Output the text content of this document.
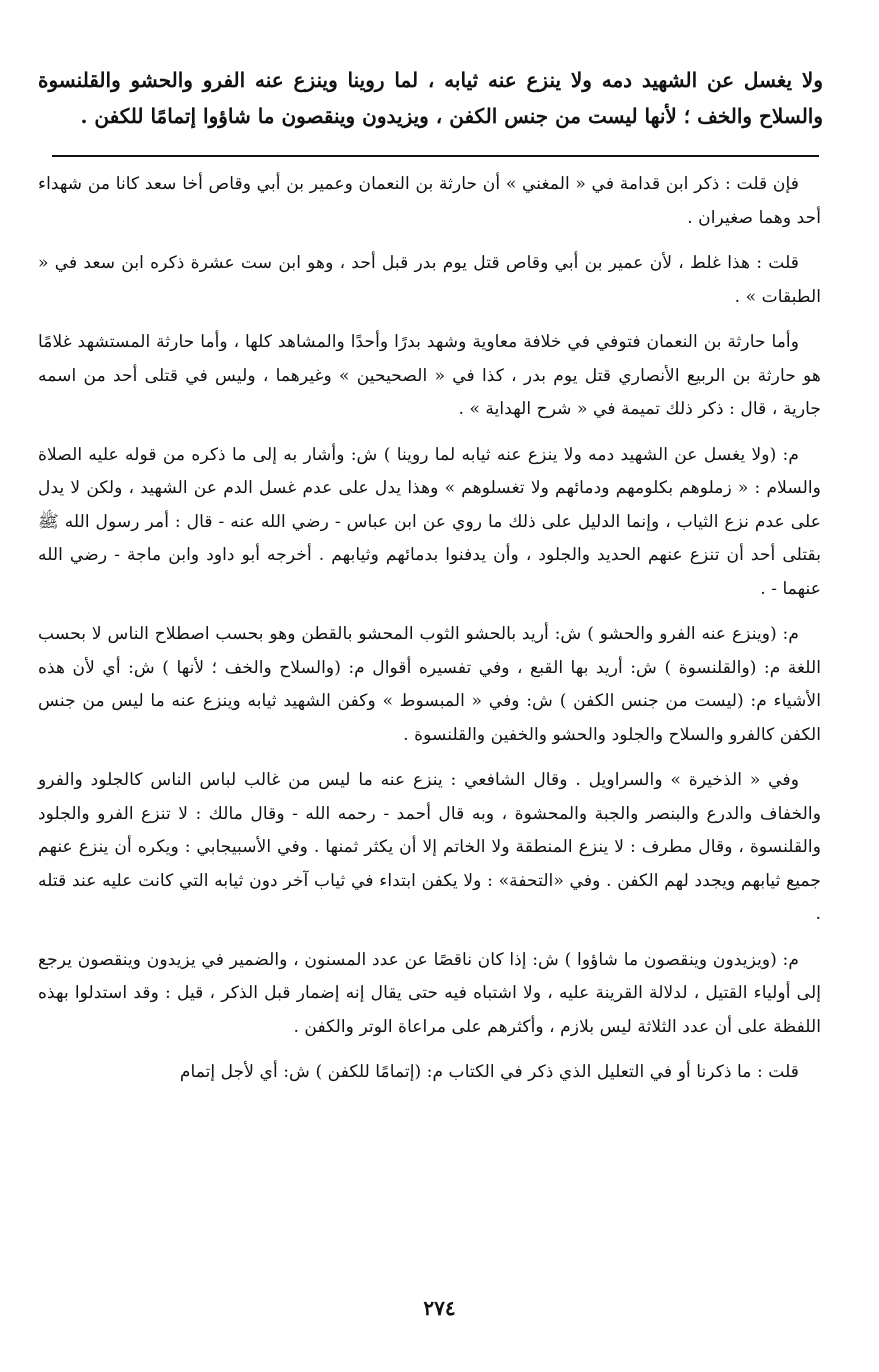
ولا يغسل عن الشهيد دمه ولا ينزع عنه ثيابه ، لما روينا وينزع عنه الفرو والحشو والقلنسوة والسلاح والخف ؛ لأنها ليست من جنس الكفن ، ويزيدون وينقصون ما شاؤوا إتمامًا للكفن .

فإن قلت : ذكر ابن قدامة في « المغني » أن حارثة بن النعمان وعمير بن أبي وقاص أخا سعد كانا من شهداء أحد وهما صغيران .

قلت : هذا غلط ، لأن عمير بن أبي وقاص قتل يوم بدر قبل أحد ، وهو ابن ست عشرة ذكره ابن سعد في « الطبقات » .

وأما حارثة بن النعمان فتوفي في خلافة معاوية وشهد بدرًا وأحدًا والمشاهد كلها ، وأما حارثة المستشهد غلامًا هو حارثة بن الربيع الأنصاري قتل يوم بدر ، كذا في « الصحيحين » وغيرهما ، وليس في قتلى أحد من اسمه جارية ، قال : ذكر ذلك تميمة في « شرح الهداية » .

م: (ولا يغسل عن الشهيد دمه ولا ينزع عنه ثيابه لما روينا ) ش: وأشار به إلى ما ذكره من قوله عليه الصلاة والسلام : « زملوهم بكلومهم ودمائهم ولا تغسلوهم » وهذا يدل على عدم غسل الدم عن الشهيد ، ولكن لا يدل على عدم نزع الثياب ، وإنما الدليل على ذلك ما روي عن ابن عباس - رضي الله عنه - قال : أمر رسول الله ﷺ بقتلى أحد أن تنزع عنهم الحديد والجلود ، وأن يدفنوا بدمائهم وثيابهم . أخرجه أبو داود وابن ماجة - رضي الله عنهما - .

م: (وينزع عنه الفرو والحشو ) ش: أريد بالحشو الثوب المحشو بالقطن وهو بحسب اصطلاح الناس لا بحسب اللغة م: (والقلنسوة ) ش: أريد بها القبع ، وفي تفسيره أقوال م: (والسلاح والخف ؛ لأنها ) ش: أي لأن هذه الأشياء م: (ليست من جنس الكفن ) ش: وفي « المبسوط » وكفن الشهيد ثيابه وينزع عنه ما ليس من جنس الكفن كالفرو والسلاح والجلود والحشو والخفين والقلنسوة .

وفي « الذخيرة » والسراويل . وقال الشافعي : ينزع عنه ما ليس من غالب لباس الناس كالجلود والفرو والخفاف والدرع والبنصر والجبة والمحشوة ، وبه قال أحمد - رحمه الله - وقال مالك : لا تنزع الفرو والجلود والقلنسوة ، وقال مطرف : لا ينزع المنطقة ولا الخاتم إلا أن يكثر ثمنها . وفي الأسبيجابي : ويكره أن ينزع عنهم جميع ثيابهم ويجدد لهم الكفن . وفي «التحفة» : ولا يكفن ابتداء في ثياب آخر دون ثيابه التي كانت عليه عند قتله .

م: (ويزيدون وينقصون ما شاؤوا ) ش: إذا كان ناقصًا عن عدد المسنون ، والضمير في يزيدون وينقصون يرجع إلى أولياء القتيل ، لدلالة القرينة عليه ، ولا اشتباه فيه حتى يقال إنه إضمار قبل الذكر ، قيل : وقد استدلوا بهذه اللفظة على أن عدد الثلاثة ليس بلازم ، وأكثرهم على مراعاة الوتر والكفن .

قلت : ما ذكرنا أو في التعليل الذي ذكر في الكتاب م: (إتمامًا للكفن ) ش: أي لأجل إتمام

٢٧٤
